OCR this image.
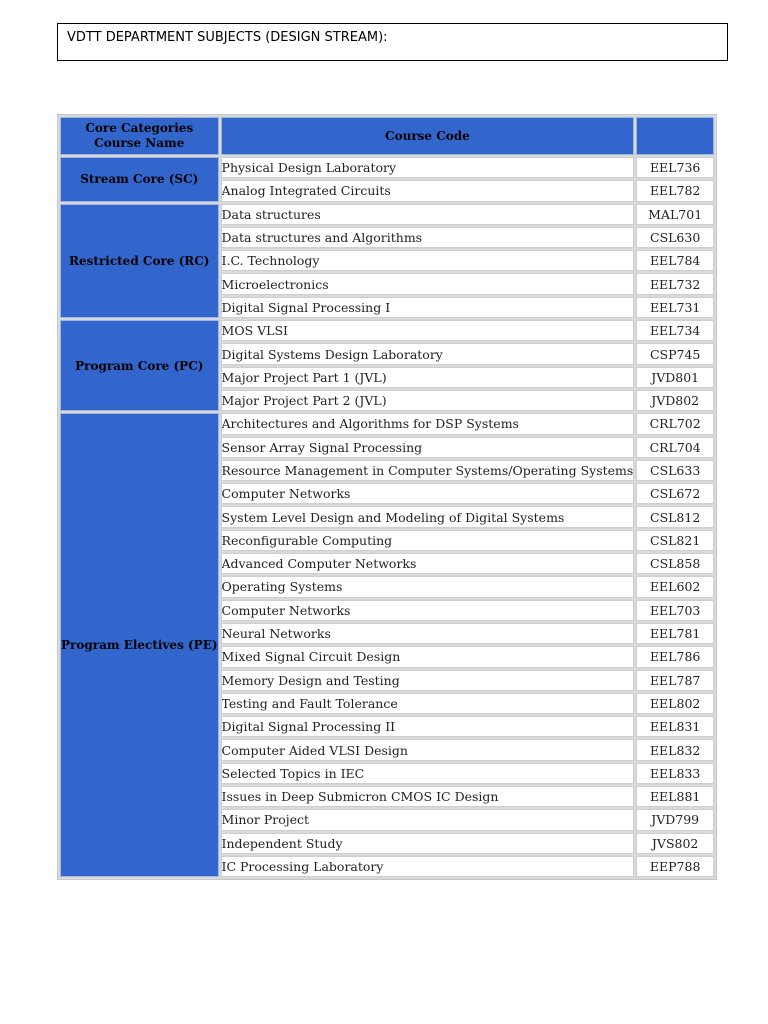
VDTT DEPARTMENT SUBJECTS (DESIGN STREAM):
Core Categories
Course Name	Course Code	
Stream Core (SC)	Physical Design Laboratory	EEL736
	Analog Integrated Circuits	EEL782
Restricted Core (RC)	Data structures	MAL701
	Data structures and Algorithms	CSL630
	I.C. Technology	EEL784
	Microelectronics	EEL732
	Digital Signal Processing I	EEL731
Program Core (PC)	MOS VLSI	EEL734
	Digital Systems Design Laboratory	CSP745
	Major Project Part 1 (JVL)	JVD801
	Major Project Part 2 (JVL)	JVD802
Program Electives (PE)	Architectures and Algorithms for DSP Systems	CRL702
	Sensor Array Signal Processing	CRL704
	Resource Management in Computer Systems/Operating Systems	CSL633
	Computer Networks	CSL672
	System Level Design and Modeling of Digital Systems	CSL812
	Reconfigurable Computing	CSL821
	Advanced Computer Networks	CSL858
	Operating Systems	EEL602
	Computer Networks	EEL703
	Neural Networks	EEL781
	Mixed Signal Circuit Design	EEL786
	Memory Design and Testing	EEL787
	Testing and Fault Tolerance	EEL802
	Digital Signal Processing II	EEL831
	Computer Aided VLSI Design	EEL832
	Selected Topics in IEC	EEL833
	Issues in Deep Submicron CMOS IC Design	EEL881
	Minor Project	JVD799
	Independent Study	JVS802
	IC Processing Laboratory	EEP788
